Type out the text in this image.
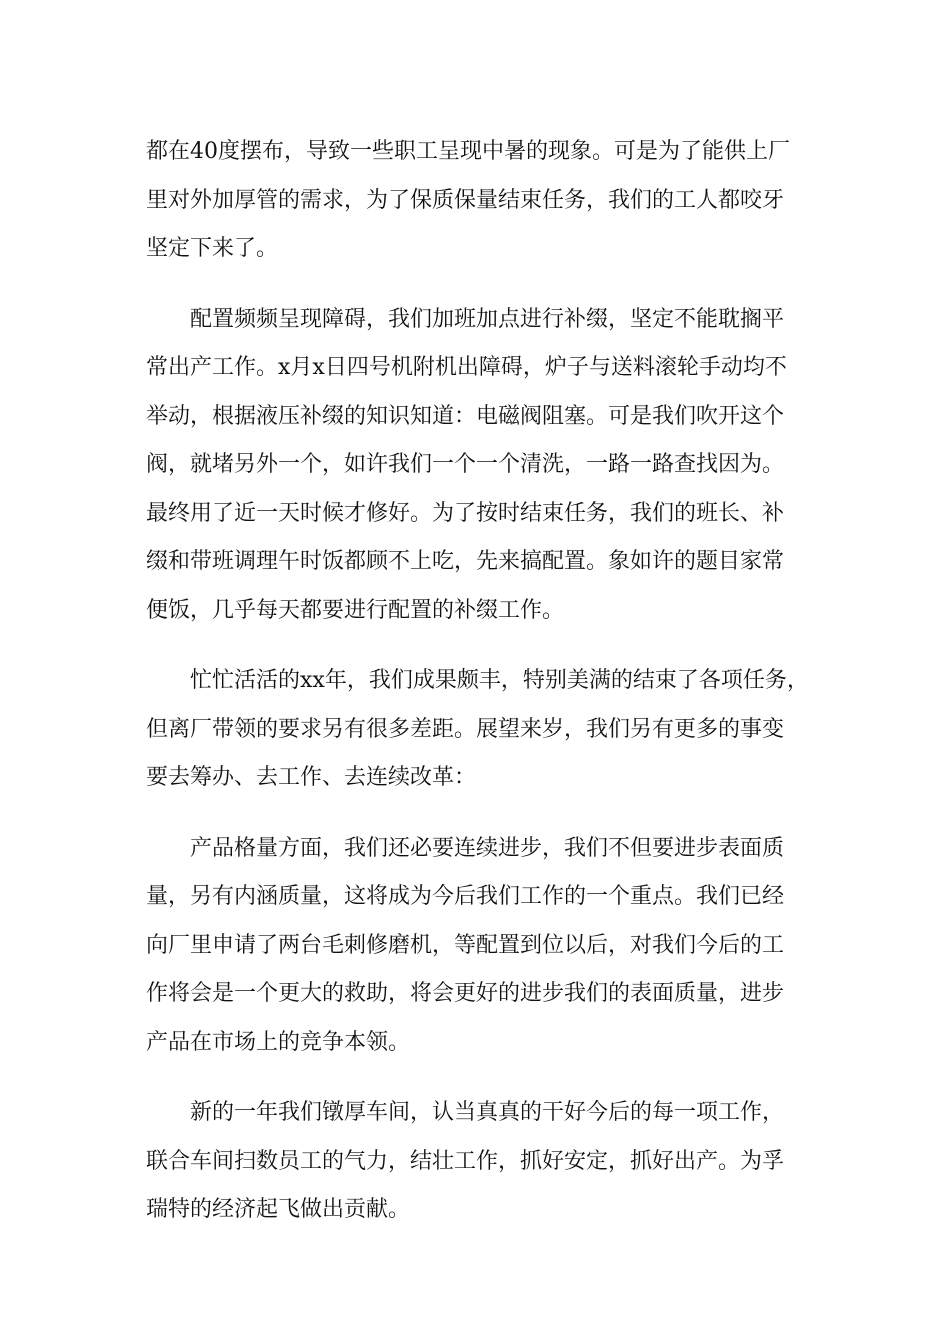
都在40度摆布，导致一些职工呈现中暑的现象。可是为了能供上厂
里对外加厚管的需求，为了保质保量结束任务，我们的工人都咬牙
坚定下来了。
配置频频呈现障碍，我们加班加点进行补缀，坚定不能耽搁平
常出产工作。x月x日四号机附机出障碍，炉子与送料滚轮手动均不
举动，根据液压补缀的知识知道：电磁阀阻塞。可是我们吹开这个
阀，就堵另外一个，如许我们一个一个清洗，一路一路查找因为。
最终用了近一天时候才修好。为了按时结束任务，我们的班长、补
缀和带班调理午时饭都顾不上吃，先来搞配置。象如许的题目家常
便饭，几乎每天都要进行配置的补缀工作。
忙忙活活的xx年，我们成果颇丰，特别美满的结束了各项任务，
但离厂带领的要求另有很多差距。展望来岁，我们另有更多的事变
要去筹办、去工作、去连续改革：
产品格量方面，我们还必要连续进步，我们不但要进步表面质
量，另有内涵质量，这将成为今后我们工作的一个重点。我们已经
向厂里申请了两台毛刺修磨机，等配置到位以后，对我们今后的工
作将会是一个更大的救助，将会更好的进步我们的表面质量，进步
产品在市场上的竞争本领。
新的一年我们镦厚车间，认当真真的干好今后的每一项工作，
联合车间扫数员工的气力，结壮工作，抓好安定，抓好出产。为孚
瑞特的经济起飞做出贡献。
